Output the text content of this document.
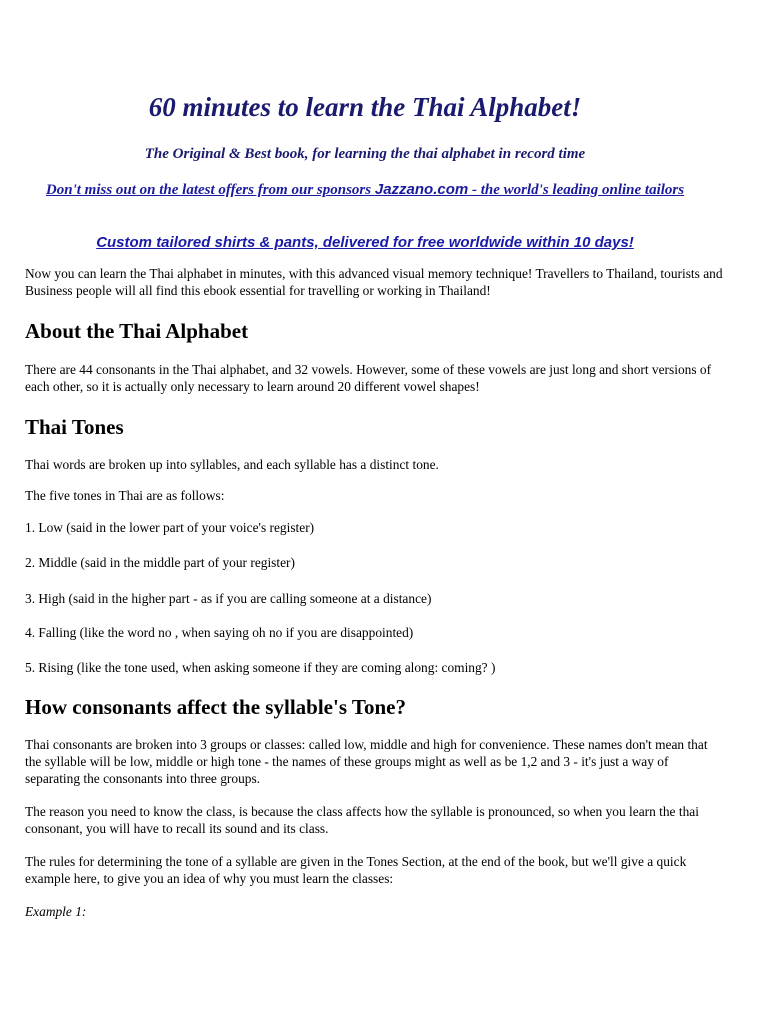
60 minutes to learn the Thai Alphabet!

The Original & Best book, for learning the thai alphabet in record time

Don't miss out on the latest offers from our sponsors Jazzano.com - the world's leading online tailors

Custom tailored shirts & pants, delivered for free worldwide within 10 days!

Now you can learn the Thai alphabet in minutes, with this advanced visual memory technique! Travellers to Thailand, tourists and Business people will all find this ebook essential for travelling or working in Thailand!

About the Thai Alphabet

There are 44 consonants in the Thai alphabet, and 32 vowels. However, some of these vowels are just long and short versions of each other, so it is actually only necessary to learn around 20 different vowel shapes!

Thai Tones

Thai words are broken up into syllables, and each syllable has a distinct tone.

The five tones in Thai are as follows:

1. Low (said in the lower part of your voice's register)

2. Middle (said in the middle part of your register)

3. High (said in the higher part - as if you are calling someone at a distance)

4. Falling (like the word no , when saying oh no if you are disappointed)

5. Rising (like the tone used, when asking someone if they are coming along: coming? )

How consonants affect the syllable's Tone?

Thai consonants are broken into 3 groups or classes: called low, middle and high for convenience. These names don't mean that the syllable will be low, middle or high tone - the names of these groups might as well as be 1,2 and 3 - it's just a way of separating the consonants into three groups.

The reason you need to know the class, is because the class affects how the syllable is pronounced, so when you learn the thai consonant, you will have to recall its sound and its class.

The rules for determining the tone of a syllable are given in the Tones Section, at the end of the book, but we'll give a quick example here, to give you an idea of why you must learn the classes:

Example 1:
